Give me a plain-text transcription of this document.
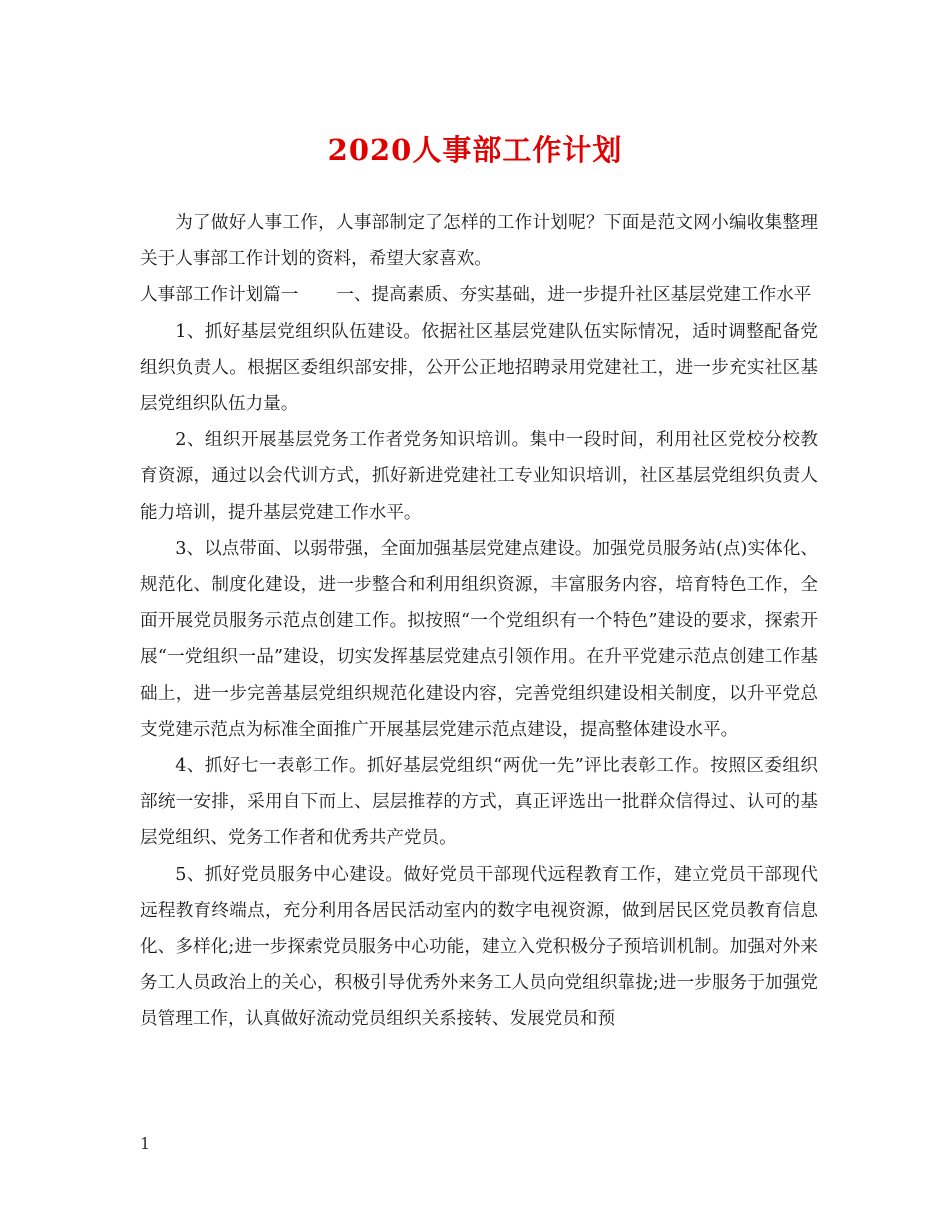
2020人事部工作计划

为了做好人事工作，人事部制定了怎样的工作计划呢？下面是范文网小编收集整理关于人事部工作计划的资料，希望大家喜欢。

人事部工作计划篇一 一、提高素质、夯实基础，进一步提升社区基层党建工作水平

1、抓好基层党组织队伍建设。依据社区基层党建队伍实际情况，适时调整配备党组织负责人。根据区委组织部安排，公开公正地招聘录用党建社工，进一步充实社区基层党组织队伍力量。

2、组织开展基层党务工作者党务知识培训。集中一段时间，利用社区党校分校教育资源，通过以会代训方式，抓好新进党建社工专业知识培训，社区基层党组织负责人能力培训，提升基层党建工作水平。

3、以点带面、以弱带强，全面加强基层党建点建设。加强党员服务站(点)实体化、规范化、制度化建设，进一步整合和利用组织资源，丰富服务内容，培育特色工作，全面开展党员服务示范点创建工作。拟按照“一个党组织有一个特色”建设的要求，探索开展“一党组织一品”建设，切实发挥基层党建点引领作用。在升平党建示范点创建工作基础上，进一步完善基层党组织规范化建设内容，完善党组织建设相关制度，以升平党总支党建示范点为标准全面推广开展基层党建示范点建设，提高整体建设水平。

4、抓好七一表彰工作。抓好基层党组织“两优一先”评比表彰工作。按照区委组织部统一安排，采用自下而上、层层推荐的方式，真正评选出一批群众信得过、认可的基层党组织、党务工作者和优秀共产党员。

5、抓好党员服务中心建设。做好党员干部现代远程教育工作，建立党员干部现代远程教育终端点，充分利用各居民活动室内的数字电视资源，做到居民区党员教育信息化、多样化;进一步探索党员服务中心功能，建立入党积极分子预培训机制。加强对外来务工人员政治上的关心，积极引导优秀外来务工人员向党组织靠拢;进一步服务于加强党员管理工作，认真做好流动党员组织关系接转、发展党员和预

1
